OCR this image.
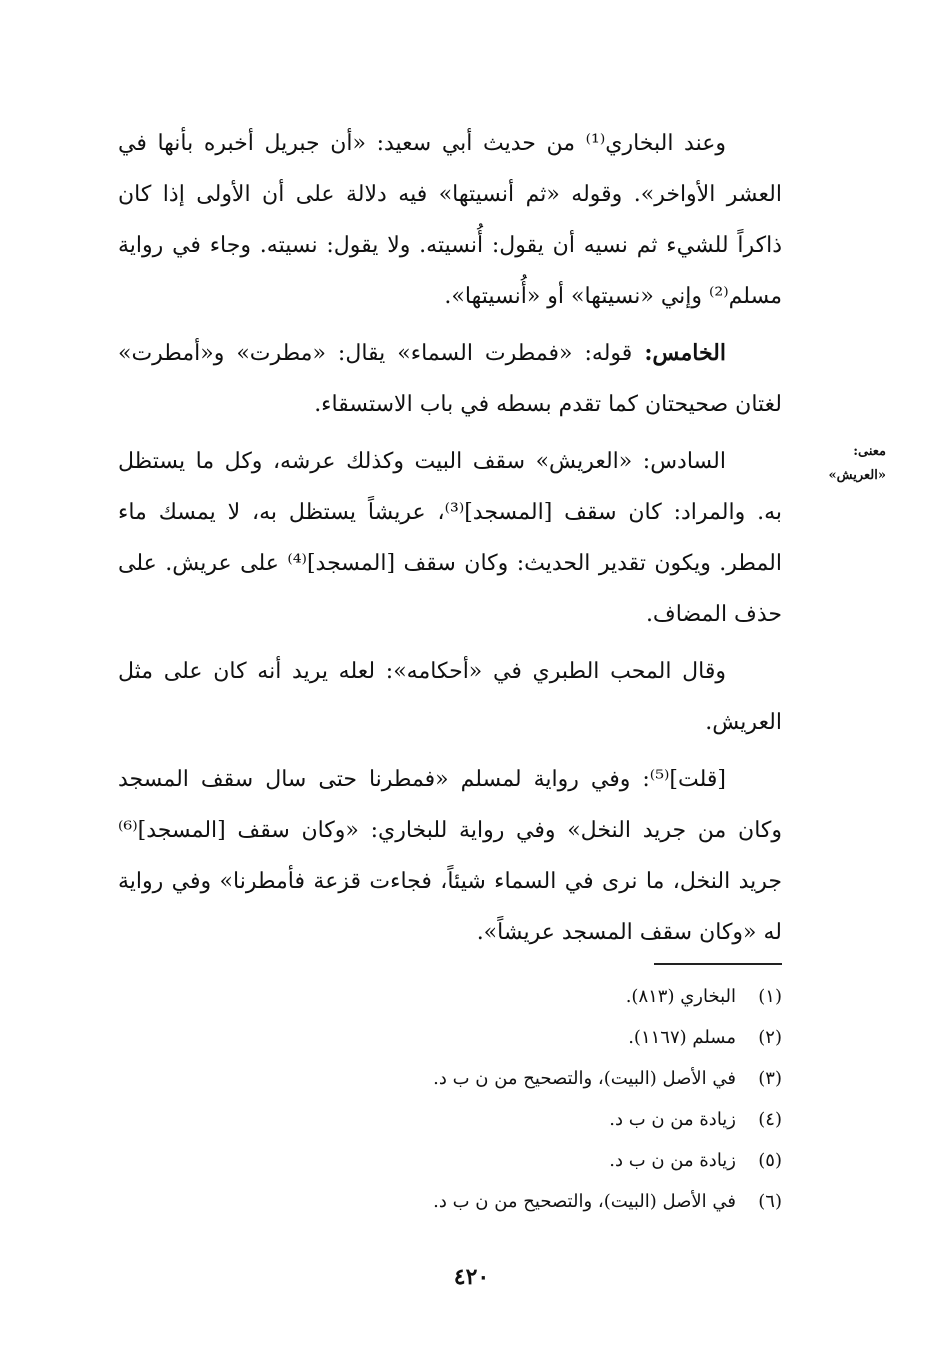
وعند البخاري⁽¹⁾ من حديث أبي سعيد: «أن جبريل أخبره بأنها في العشر الأواخر». وقوله «ثم أنسيتها» فيه دلالة على أن الأولى إذا كان ذاكراً للشيء ثم نسيه أن يقول: أُنسيته. ولا يقول: نسيته. وجاء في رواية مسلم⁽²⁾ وإني «نسيتها» أو «أُنسيتها».

الخامس: قوله: «فمطرت السماء» يقال: «مطرت» و«أمطرت» لغتان صحيحتان كما تقدم بسطه في باب الاستسقاء.

السادس: «العريش» سقف البيت وكذلك عرشه، وكل ما يستظل به. والمراد: كان سقف [المسجد]⁽³⁾، عريشاً يستظل به، لا يمسك ماء المطر. ويكون تقدير الحديث: وكان سقف [المسجد]⁽⁴⁾ على عريش. على حذف المضاف.

وقال المحب الطبري في «أحكامه»: لعله يريد أنه كان على مثل العريش.

[قلت]⁽⁵⁾: وفي رواية لمسلم «فمطرنا حتى سال سقف المسجد وكان من جريد النخل» وفي رواية للبخاري: «وكان سقف [المسجد]⁽⁶⁾ جريد النخل، ما نرى في السماء شيئاً، فجاءت قزعة فأمطرنا» وفي رواية له «وكان سقف المسجد عريشاً».

معنى:
«العريش»
(١)البخاري (٨١٣).
(٢)مسلم (١١٦٧).
(٣)في الأصل (البيت)، والتصحيح من ن ب د.
(٤)زيادة من ن ب د.
(٥)زيادة من ن ب د.
(٦)في الأصل (البيت)، والتصحيح من ن ب د.
٤٢٠
